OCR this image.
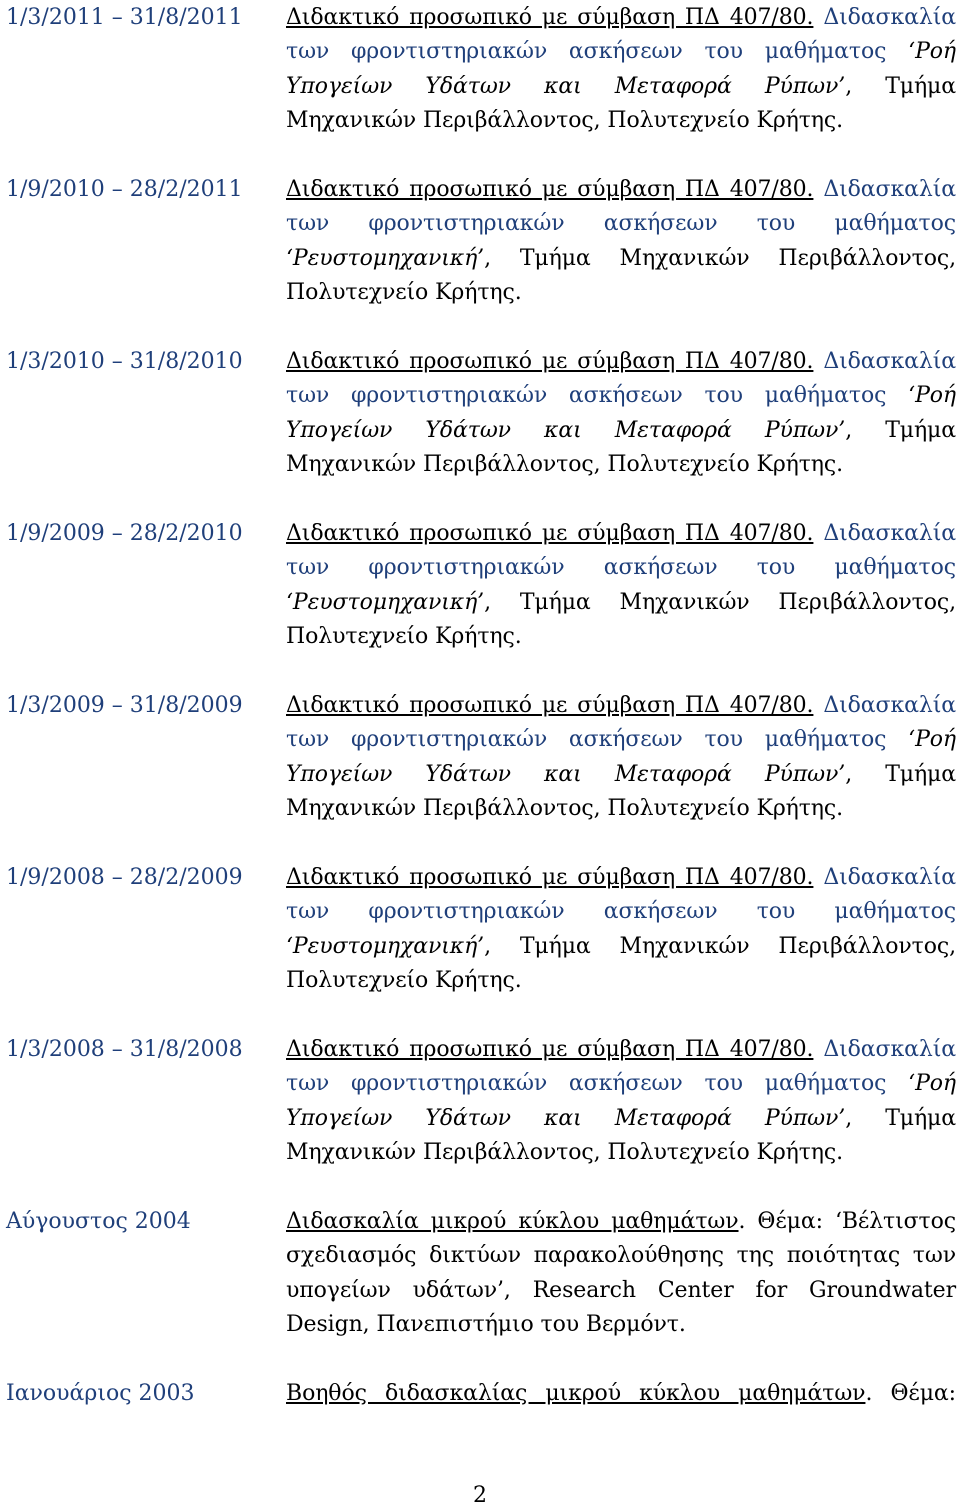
1/3/2011 – 31/8/2011	Διδακτικό προσωπικό με σύμβαση ΠΔ 407/80. Διδασκαλία των φροντιστηριακών ασκήσεων του μαθήματος ‘Ροή Υπογείων Υδάτων και Μεταφορά Ρύπων’, Τμήμα Μηχανικών Περιβάλλοντος, Πολυτεχνείο Κρήτης.
1/9/2010 – 28/2/2011	Διδακτικό προσωπικό με σύμβαση ΠΔ 407/80. Διδασκαλία των φροντιστηριακών ασκήσεων του μαθήματος ‘Ρευστομηχανική’, Τμήμα Μηχανικών Περιβάλλοντος, Πολυτεχνείο Κρήτης.
1/3/2010 – 31/8/2010	Διδακτικό προσωπικό με σύμβαση ΠΔ 407/80. Διδασκαλία των φροντιστηριακών ασκήσεων του μαθήματος ‘Ροή Υπογείων Υδάτων και Μεταφορά Ρύπων’, Τμήμα Μηχανικών Περιβάλλοντος, Πολυτεχνείο Κρήτης.
1/9/2009 – 28/2/2010	Διδακτικό προσωπικό με σύμβαση ΠΔ 407/80. Διδασκαλία των φροντιστηριακών ασκήσεων του μαθήματος ‘Ρευστομηχανική’, Τμήμα Μηχανικών Περιβάλλοντος, Πολυτεχνείο Κρήτης.
1/3/2009 – 31/8/2009	Διδακτικό προσωπικό με σύμβαση ΠΔ 407/80. Διδασκαλία των φροντιστηριακών ασκήσεων του μαθήματος ‘Ροή Υπογείων Υδάτων και Μεταφορά Ρύπων’, Τμήμα Μηχανικών Περιβάλλοντος, Πολυτεχνείο Κρήτης.
1/9/2008 – 28/2/2009	Διδακτικό προσωπικό με σύμβαση ΠΔ 407/80. Διδασκαλία των φροντιστηριακών ασκήσεων του μαθήματος ‘Ρευστομηχανική’, Τμήμα Μηχανικών Περιβάλλοντος, Πολυτεχνείο Κρήτης.
1/3/2008 – 31/8/2008	Διδακτικό προσωπικό με σύμβαση ΠΔ 407/80. Διδασκαλία των φροντιστηριακών ασκήσεων του μαθήματος ‘Ροή Υπογείων Υδάτων και Μεταφορά Ρύπων’, Τμήμα Μηχανικών Περιβάλλοντος, Πολυτεχνείο Κρήτης.
Αύγουστος 2004	Διδασκαλία μικρού κύκλου μαθημάτων. Θέμα: ‘Βέλτιστος σχεδιασμός δικτύων παρακολούθησης της ποιότητας των υπογείων υδάτων’, Research Center for Groundwater Design, Πανεπιστήμιο του Βερμόντ.
Ιανουάριος 2003	Βοηθός διδασκαλίας μικρού κύκλου μαθημάτων. Θέμα:
2
